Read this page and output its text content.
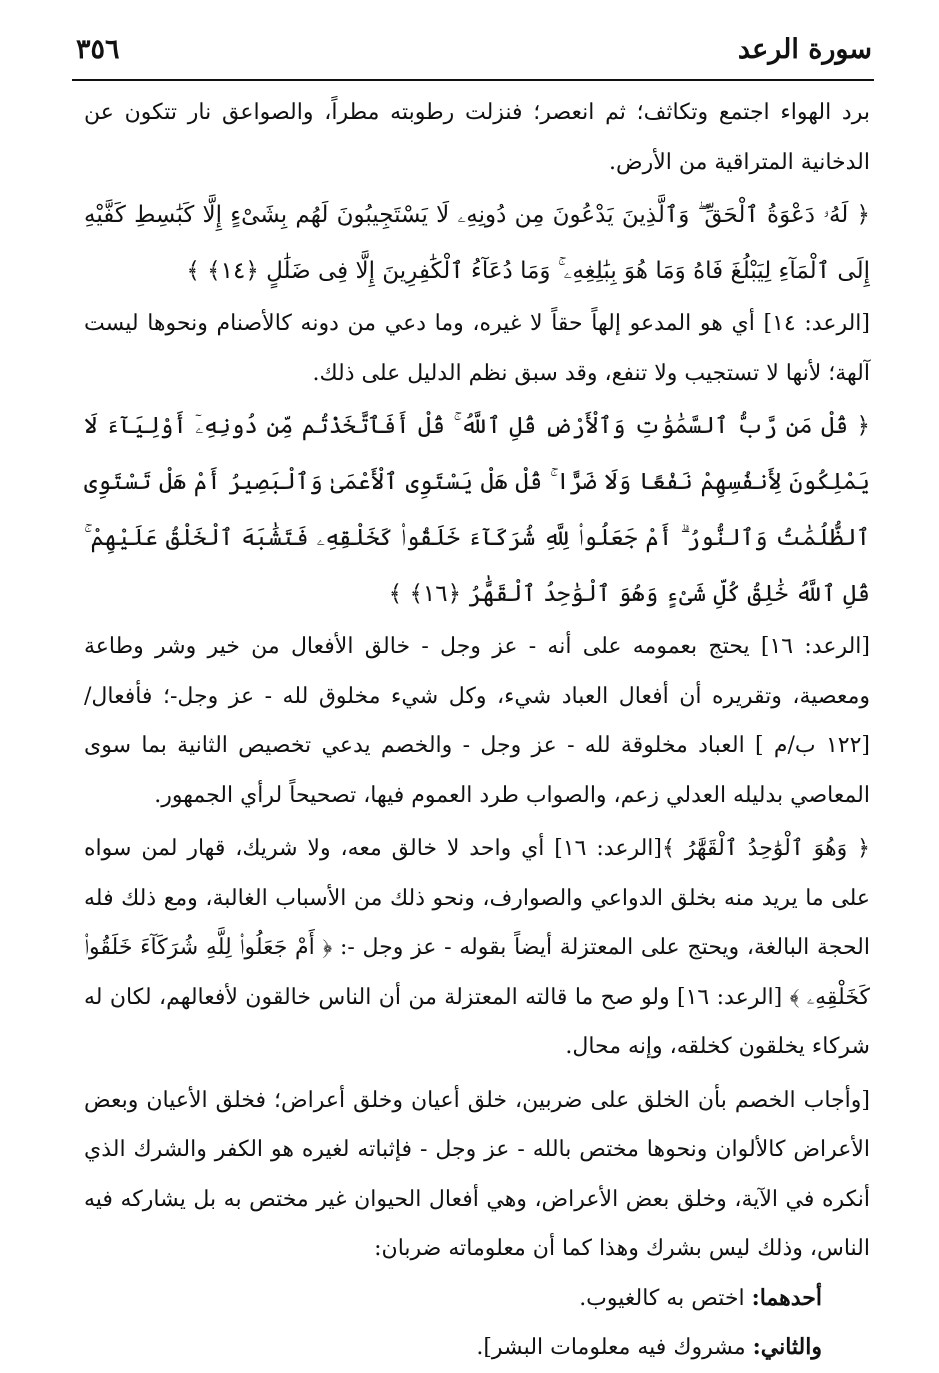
سورة الرعد
٣٥٦

برد الهواء اجتمع وتكاثف؛ ثم انعصر؛ فنزلت رطوبته مطراً، والصواعق نار تتكون عن الدخانية المتراقية من الأرض.

﴿ لَهُۥ دَعْوَةُ ٱلْحَقِّ ۖ وَٱلَّذِينَ يَدْعُونَ مِن دُونِهِۦ لَا يَسْتَجِيبُونَ لَهُم بِشَىْءٍ إِلَّا كَبَٰسِطِ كَفَّيْهِ إِلَى ٱلْمَآءِ لِيَبْلُغَ فَاهُ وَمَا هُوَ بِبَٰلِغِهِۦ ۚ وَمَا دُعَآءُ ٱلْكَٰفِرِينَ إِلَّا فِى ضَلَٰلٍ ﴿١٤﴾ ﴾

[الرعد: ١٤] أي هو المدعو إلهاً حقاً لا غيره، وما دعي من دونه كالأصنام ونحوها ليست آلهة؛ لأنها لا تستجيب ولا تنفع، وقد سبق نظم الدليل على ذلك.

﴿ قُلْ مَن رَّبُّ ٱلسَّمَٰوَٰتِ وَٱلْأَرْضِ قُلِ ٱللَّهُ ۚ قُلْ أَفَٱتَّخَذْتُم مِّن دُونِهِۦٓ أَوْلِيَآءَ لَا يَمْلِكُونَ لِأَنفُسِهِمْ نَفْعًا وَلَا ضَرًّا ۚ قُلْ هَلْ يَسْتَوِى ٱلْأَعْمَىٰ وَٱلْبَصِيرُ أَمْ هَلْ تَسْتَوِى ٱلظُّلُمَٰتُ وَٱلنُّورُ ۗ أَمْ جَعَلُوا۟ لِلَّهِ شُرَكَآءَ خَلَقُوا۟ كَخَلْقِهِۦ فَتَشَٰبَهَ ٱلْخَلْقُ عَلَيْهِمْ ۚ قُلِ ٱللَّهُ خَٰلِقُ كُلِّ شَىْءٍ وَهُوَ ٱلْوَٰحِدُ ٱلْقَهَّٰرُ ﴿١٦﴾ ﴾

[الرعد: ١٦] يحتج بعمومه على أنه - عز وجل - خالق الأفعال من خير وشر وطاعة ومعصية، وتقريره أن أفعال العباد شيء، وكل شيء مخلوق لله - عز وجل-؛ فأفعال/ [١٢٢ ب/م ] العباد مخلوقة لله - عز وجل - والخصم يدعي تخصيص الثانية بما سوى المعاصي بدليله العدلي زعم، والصواب طرد العموم فيها، تصحيحاً لرأي الجمهور.

﴿ وَهُوَ ٱلْوَٰحِدُ ٱلْقَهَّٰرُ ﴾[الرعد: ١٦] أي واحد لا خالق معه، ولا شريك، قهار لمن سواه على ما يريد منه بخلق الدواعي والصوارف، ونحو ذلك من الأسباب الغالبة، ومع ذلك فله الحجة البالغة، ويحتج على المعتزلة أيضاً بقوله - عز وجل -: ﴿ أَمْ جَعَلُوا۟ لِلَّهِ شُرَكَآءَ خَلَقُوا۟ كَخَلْقِهِۦ ﴾ [الرعد: ١٦] ولو صح ما قالته المعتزلة من أن الناس خالقون لأفعالهم، لكان له شركاء يخلقون كخلقه، وإنه محال.

[وأجاب الخصم بأن الخلق على ضربين، خلق أعيان وخلق أعراض؛ فخلق الأعيان وبعض الأعراض كالألوان ونحوها مختص بالله - عز وجل - فإثباته لغيره هو الكفر والشرك الذي أنكره في الآية، وخلق بعض الأعراض، وهي أفعال الحيوان غير مختص به بل يشاركه فيه الناس، وذلك ليس بشرك وهذا كما أن معلوماته ضربان:

أحدهما: اختص به كالغيوب.

والثاني: مشروك فيه معلومات البشر].
